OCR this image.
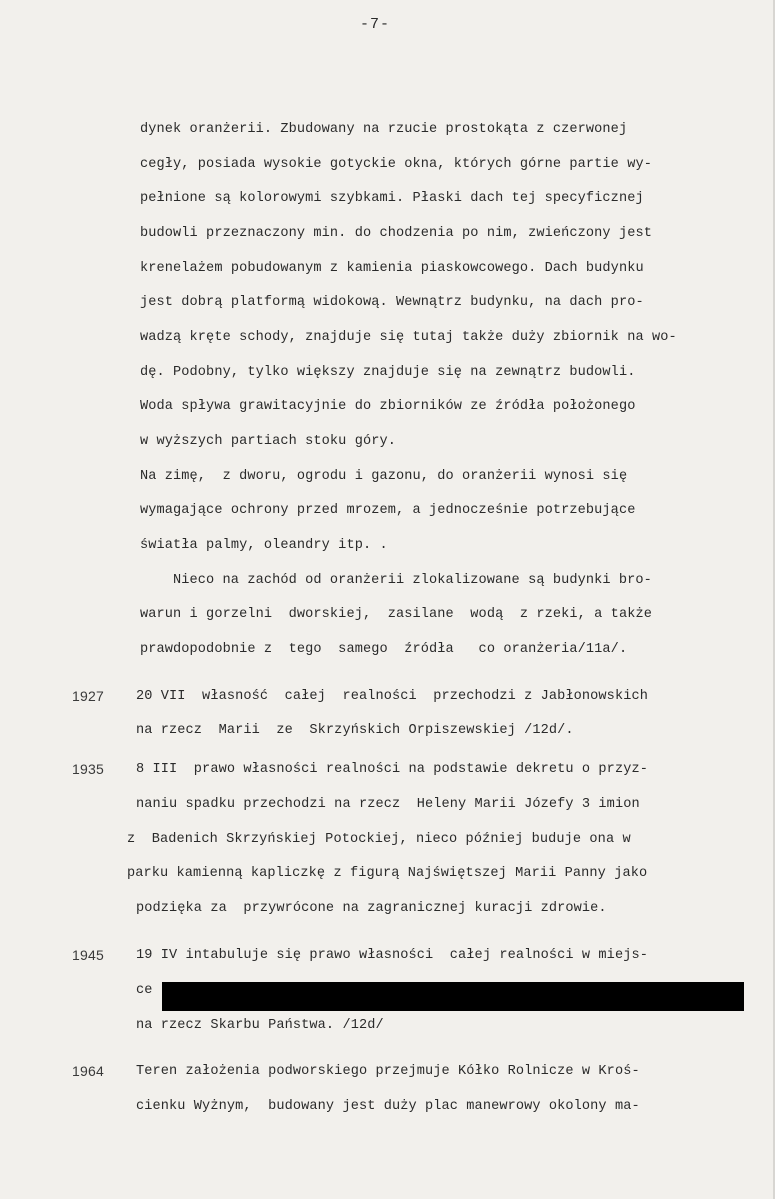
-7-
dynek oranżerii. Zbudowany na rzucie prostokąta z czerwonej
cegły, posiada wysokie gotyckie okna, których górne partie wy-
pełnione są kolorowymi szybkami. Płaski dach tej specyficznej
budowli przeznaczony min. do chodzenia po nim, zwieńczony jest
krenelażem pobudowanym z kamienia piaskowcowego. Dach budynku
jest dobrą platformą widokową. Wewnątrz budynku, na dach pro-
wadzą kręte schody, znajduje się tutaj także duży zbiornik na wo-
dę. Podobny, tylko większy znajduje się na zewnątrz budowli.
Woda spływa grawitacyjnie do zbiorników ze źródła położonego
w wyższych partiach stoku góry.
Na zimę,  z dworu, ogrodu i gazonu, do oranżerii wynosi się
wymagające ochrony przed mrozem, a jednocześnie potrzebujące
światła palmy, oleandry itp. .
Nieco na zachód od oranżerii zlokalizowane są budynki bro-
warun i gorzelni  dworskiej,  zasilane  wodą  z rzeki, a także
prawdopodobnie z  tego  samego  źródła   co oranżeria/11a/.
1927 20 VII  własność  całej  realności  przechodzi z Jabłonowskich
na rzecz  Marii  ze  Skrzyńskich Orpiszewskiej /12d/.
1935 8 III  prawo własności realności na podstawie dekretu o przyz-
naniu spadku przechodzi na rzecz  Heleny Marii Józefy 3 imion
z  Badenich Skrzyńskiej Potockiej, nieco później buduje ona w
parku kamienną kapliczkę z figurą Najświętszej Marii Panny jako
podzięka za  przywrócone na zagranicznej kuracji zdrowie.
1945 19 IV intabuluje się prawo własności  całej realności w miejs-
ce
na rzecz Skarbu Państwa. /12d/
1964 Teren założenia podworskiego przejmuje Kółko Rolnicze w Kroś-
cienku Wyżnym,  budowany jest duży plac manewrowy okolony ma-
